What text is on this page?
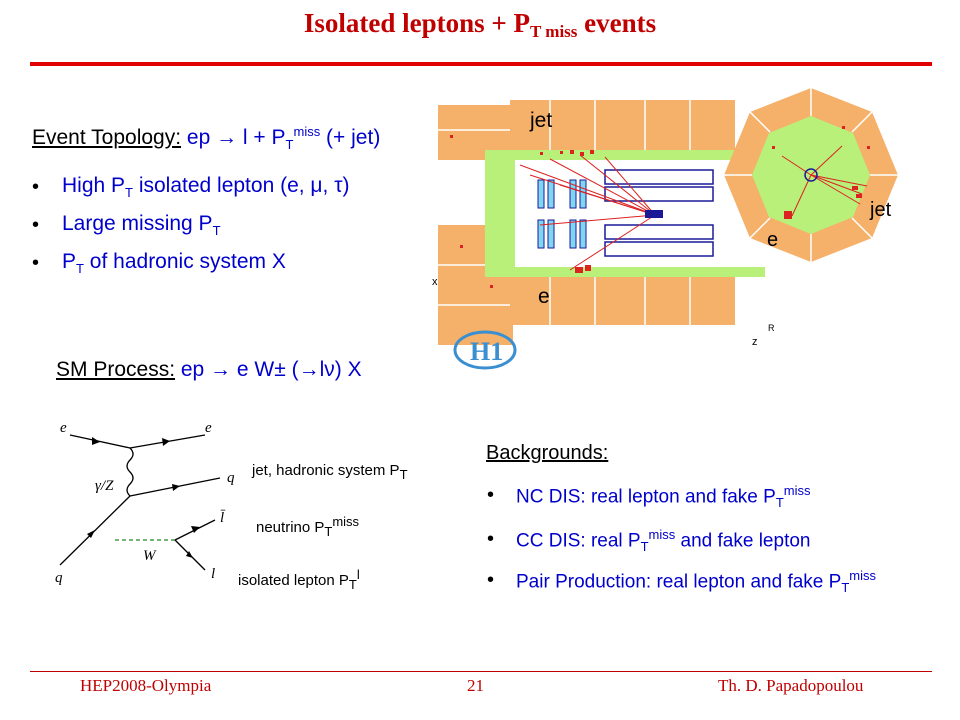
Isolated leptons + $P_{T miss}$ events
Event Topology: ep → $l + P_T^{miss}$ (+ jet)
• High $P_T$ isolated lepton (e, μ, τ)
• Large missing $P_T$
• $P_T$ of hadronic system X
jet
e
x
z
R
H1
jet
e
SM Process: ep → e W± (→lν) X
e	e
q
q
γ/Z
W
l̄
l
jet, hadronic system $P_T$
neutrino $P_T^{miss}$
isolated lepton $P_T^l$
Backgrounds:
• NC DIS: real lepton and fake $P_T^{miss}$
• CC DIS: real $P_T^{miss}$ and fake lepton
• Pair Production: real lepton and fake $P_T^{miss}$
HEP2008-Olympia	21	Th. D. Papadopoulou
